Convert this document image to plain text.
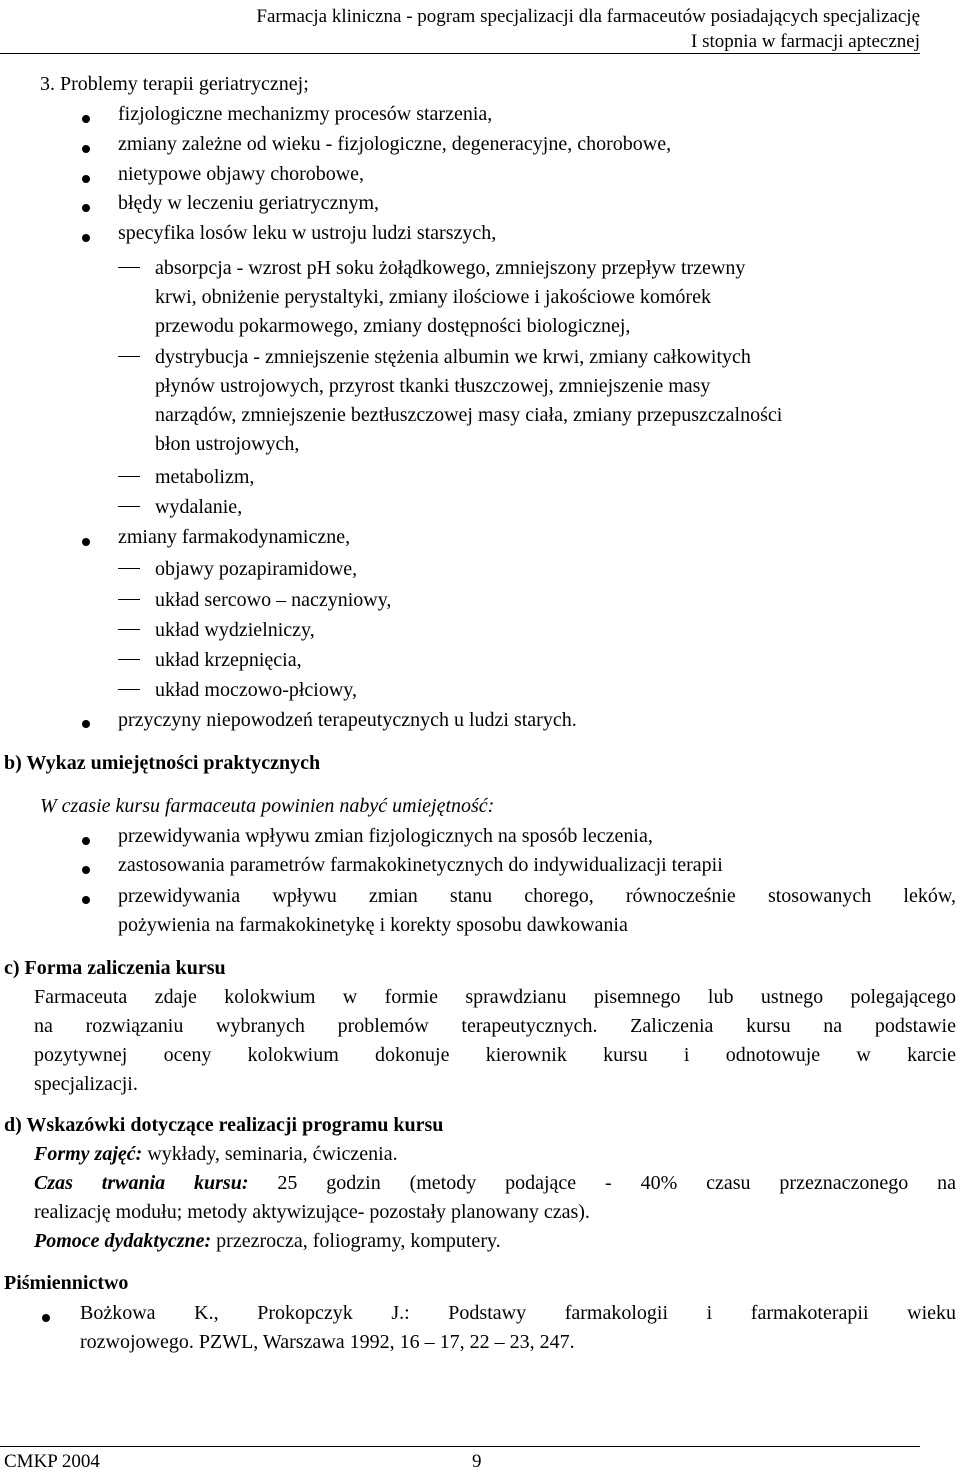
Farmacja kliniczna - pogram specjalizacji dla farmaceutów posiadających specjalizację
I stopnia w farmacji aptecznej
3. Problemy terapii geriatrycznej;
fizjologiczne mechanizmy procesów starzenia,
zmiany zależne od wieku - fizjologiczne, degeneracyjne, chorobowe,
nietypowe objawy chorobowe,
błędy w leczeniu geriatrycznym,
specyfika losów leku w ustroju ludzi starszych,
absorpcja - wzrost pH soku żołądkowego, zmniejszony przepływ trzewny
krwi, obniżenie perystaltyki, zmiany ilościowe i jakościowe komórek
przewodu pokarmowego, zmiany dostępności biologicznej,
dystrybucja - zmniejszenie stężenia albumin we krwi, zmiany całkowitych
płynów ustrojowych, przyrost tkanki tłuszczowej, zmniejszenie masy
narządów, zmniejszenie beztłuszczowej masy ciała, zmiany przepuszczalności
błon ustrojowych,
metabolizm,
wydalanie,
zmiany farmakodynamiczne,
objawy pozapiramidowe,
układ sercowo – naczyniowy,
układ wydzielniczy,
układ krzepnięcia,
układ moczowo-płciowy,
przyczyny niepowodzeń terapeutycznych u ludzi starych.
b) Wykaz umiejętności praktycznych
W czasie kursu farmaceuta powinien nabyć umiejętność:
przewidywania wpływu zmian fizjologicznych na sposób leczenia,
zastosowania parametrów farmakokinetycznych do indywidualizacji terapii
przewidywania wpływu zmian stanu chorego, równocześnie stosowanych leków,
pożywienia na farmakokinetykę i korekty sposobu dawkowania
c) Forma zaliczenia kursu
Farmaceuta zdaje kolokwium w formie sprawdzianu pisemnego lub ustnego polegającego
na rozwiązaniu wybranych problemów terapeutycznych. Zaliczenia kursu na podstawie
pozytywnej oceny kolokwium dokonuje kierownik kursu i odnotowuje w karcie
specjalizacji.
d) Wskazówki dotyczące realizacji programu kursu
Formy zajęć: wykłady, seminaria, ćwiczenia.
Czas trwania kursu: 25 godzin (metody podające - 40% czasu przeznaczonego na
realizację modułu; metody aktywizujące- pozostały planowany czas).
Pomoce dydaktyczne: przezrocza, foliogramy, komputery.
Piśmiennictwo
Bożkowa K., Prokopczyk J.: Podstawy farmakologii i farmakoterapii wieku
rozwojowego. PZWL, Warszawa 1992, 16 – 17, 22 – 23, 247.
CMKP 2004	9
